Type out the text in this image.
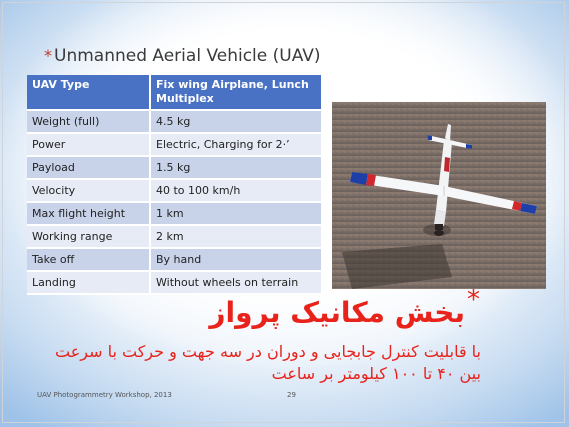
* Unmanned Aerial Vehicle (UAV)
UAV Type	Fix wing Airplane, Lunch Multiplex
Weight (full)	4.5 kg
Power	Electric, Charging for 2·’
Payload	1.5 kg
Velocity	40 to 100 km/h
Max flight height	1 km
Working range	2 km
Take off	By hand
Landing	Without wheels on terrain
*
بخش مکانیک پرواز
با قابلیت کنترل جابجایی و دوران در سه جهت و حرکت با سرعت
بین ۴۰ تا ۱۰۰ کیلومتر بر ساعت
UAV Photogrammetry Workshop, 2013	29
